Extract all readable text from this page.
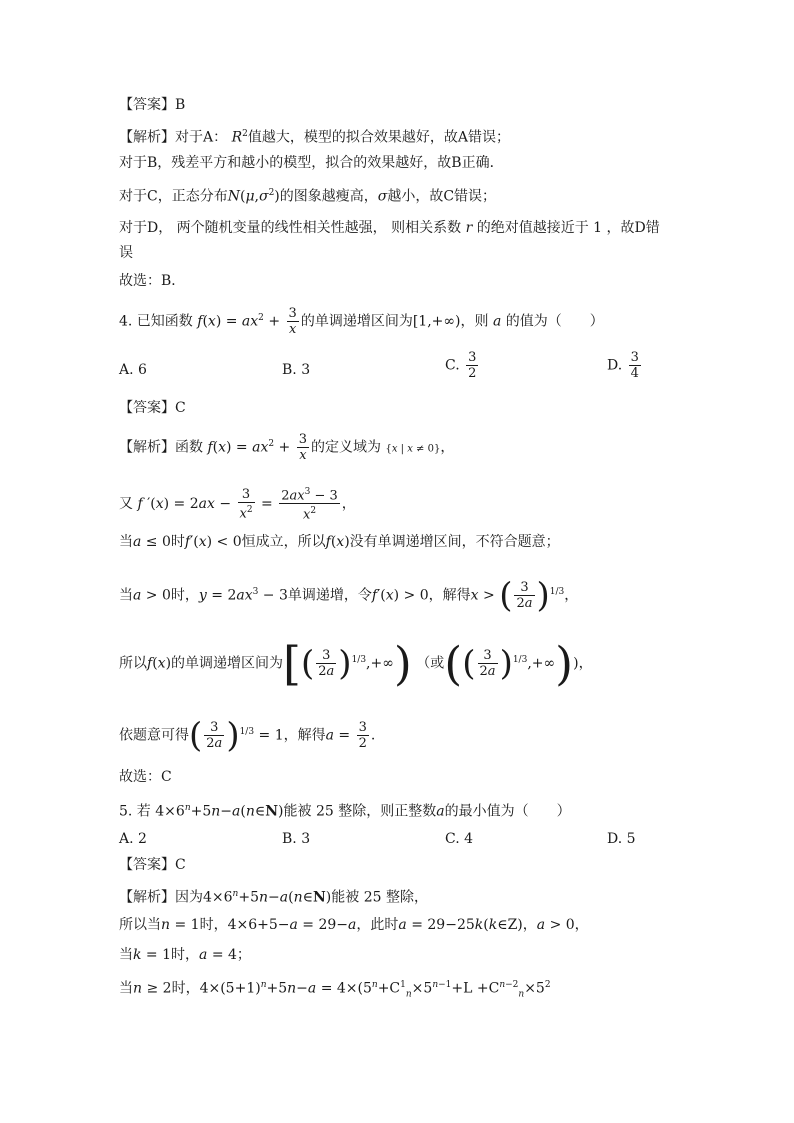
【答案】B
【解析】对于A： $R^2$值越大，模型的拟合效果越好，故A错误；
对于B，残差平方和越小的模型，拟合的效果越好，故B正确．
对于C，正态分布$N(\mu,\sigma^2)$的图象越瘦高，σ越小，故C错误；
对于D， 两个随机变量的线性相关性越强， 则相关系数 r 的绝对值越接近于 1 ，故D错
误
故选：B．
4. 已知函数 $f(x) = ax^2 + \frac{3}{x}$ 的单调递增区间为[1,+∞)，则 a 的值为（　　）
A. 6	B. 3	C. $\frac{3}{2}$	D. $\frac{3}{4}$
【答案】C
【解析】函数 $f(x) = ax^2 + \frac{3}{x}$ 的定义域为 {x | x ≠ 0}，
又 f $'(x) = 2ax - \frac{3}{x^2} = \frac{2ax^3 - 3}{x^2}$ ，
当a ≤ 0时f′(x) < 0恒成立，所以f(x)没有单调递增区间，不符合题意；
当a > 0时，$y = 2ax^3 - 3$单调递增，令f′(x) > 0，解得x > ( $\frac{3}{2a} )^{1/3}$，
所以f(x)的单调递增区间为[( $\frac{3}{2a} )^{1/3},+\infty$) （或(( $\frac{3}{2a} )^{1/3},+\infty$))，
依题意可得( $\frac{3}{2a} )^{1/3} = 1$，解得$a = \frac{3}{2}$ .
故选：C
5. 若 $4\times 6^n+5n-a(n\in N)$能被 25 整除，则正整数a的最小值为（　　）
A. 2	B. 3	C. 4	D. 5
【答案】C
【解析】因为$4\times 6^n+5n-a(n\in N)$能被 25 整除，
所以当n = 1时，4×6+5−a = 29−a，此时a = 29−25k(k∈Z)，a > 0，
当k = 1时，a = 4；
当n ≥ 2时，$4\times(5+1)^n+5n-a = 4\times(5^n+C^1_n\times 5^{n-1}+L +C^{n-2}_n\times 5^2$
